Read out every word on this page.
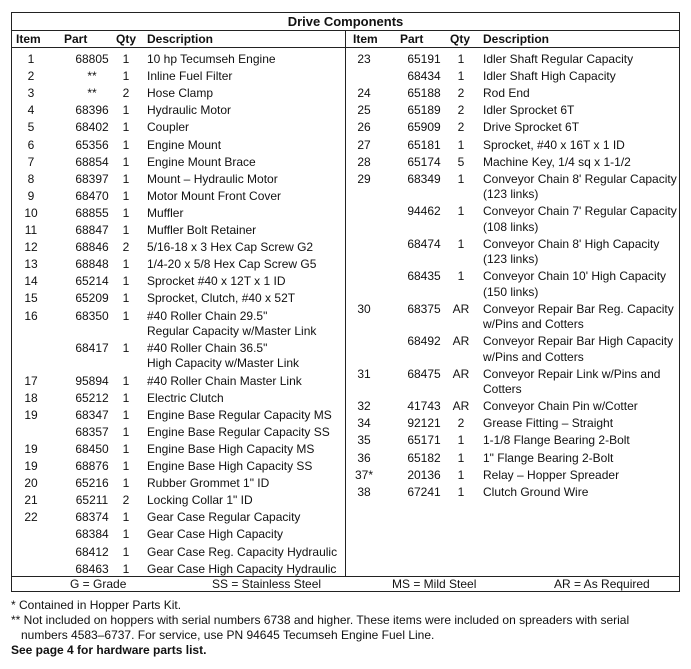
Drive Components
Item Part Qty Description	Item Part Qty Description
1	68805	1	10 hp Tecumseh Engine
2	**	1	Inline Fuel Filter
3	**	2	Hose Clamp
4	68396	1	Hydraulic Motor
5	68402	1	Coupler
6	65356	1	Engine Mount
7	68854	1	Engine Mount Brace
8	68397	1	Mount – Hydraulic Motor
9	68470	1	Motor Mount Front Cover
10	68855	1	Muffler
11	68847	1	Muffler Bolt Retainer
12	68846	2	5/16-18 x 3 Hex Cap Screw G2
13	68848	1	1/4-20 x 5/8 Hex Cap Screw G5
14	65214	1	Sprocket #40 x 12T x 1 ID
15	65209	1	Sprocket, Clutch, #40 x 52T
16	68350	1	#40 Roller Chain 29.5"
Regular Capacity w/Master Link
68417	1	#40 Roller Chain 36.5"
High Capacity w/Master Link
17	95894	1	#40 Roller Chain Master Link
18	65212	1	Electric Clutch
19	68347	1	Engine Base Regular Capacity MS
68357	1	Engine Base Regular Capacity SS
19	68450	1	Engine Base High Capacity MS
19	68876	1	Engine Base High Capacity SS
20	65216	1	Rubber Grommet 1" ID
21	65211	2	Locking Collar 1" ID
22	68374	1	Gear Case Regular Capacity
68384	1	Gear Case High Capacity
68412	1	Gear Case Reg. Capacity Hydraulic
68463	1	Gear Case High Capacity Hydraulic
23	65191	1	Idler Shaft Regular Capacity
68434	1	Idler Shaft High Capacity
24	65188	2	Rod End
25	65189	2	Idler Sprocket 6T
26	65909	2	Drive Sprocket 6T
27	65181	1	Sprocket, #40 x 16T x 1 ID
28	65174	5	Machine Key, 1/4 sq x 1-1/2
29	68349	1	Conveyor Chain 8' Regular Capacity
(123 links)
94462	1	Conveyor Chain 7' Regular Capacity
(108 links)
68474	1	Conveyor Chain 8' High Capacity
(123 links)
68435	1	Conveyor Chain 10' High Capacity
(150 links)
30	68375 AR	Conveyor Repair Bar Reg. Capacity
w/Pins and Cotters
68492 AR	Conveyor Repair Bar High Capacity
w/Pins and Cotters
31	68475 AR	Conveyor Repair Link w/Pins and
Cotters
32	41743 AR	Conveyor Chain Pin w/Cotter
34	92121	2	Grease Fitting – Straight
35	65171	1	1-1/8 Flange Bearing 2-Bolt
36	65182	1	1" Flange Bearing 2-Bolt
37*	20136	1	Relay – Hopper Spreader
38	67241	1	Clutch Ground Wire
G = Grade	SS = Stainless Steel	MS = Mild Steel	AR = As Required
* Contained in Hopper Parts Kit.
** Not included on hoppers with serial numbers 6738 and higher. These items were included on spreaders with serial
numbers 4583–6737. For service, use PN 94645 Tecumseh Engine Fuel Line.
See page 4 for hardware parts list.
